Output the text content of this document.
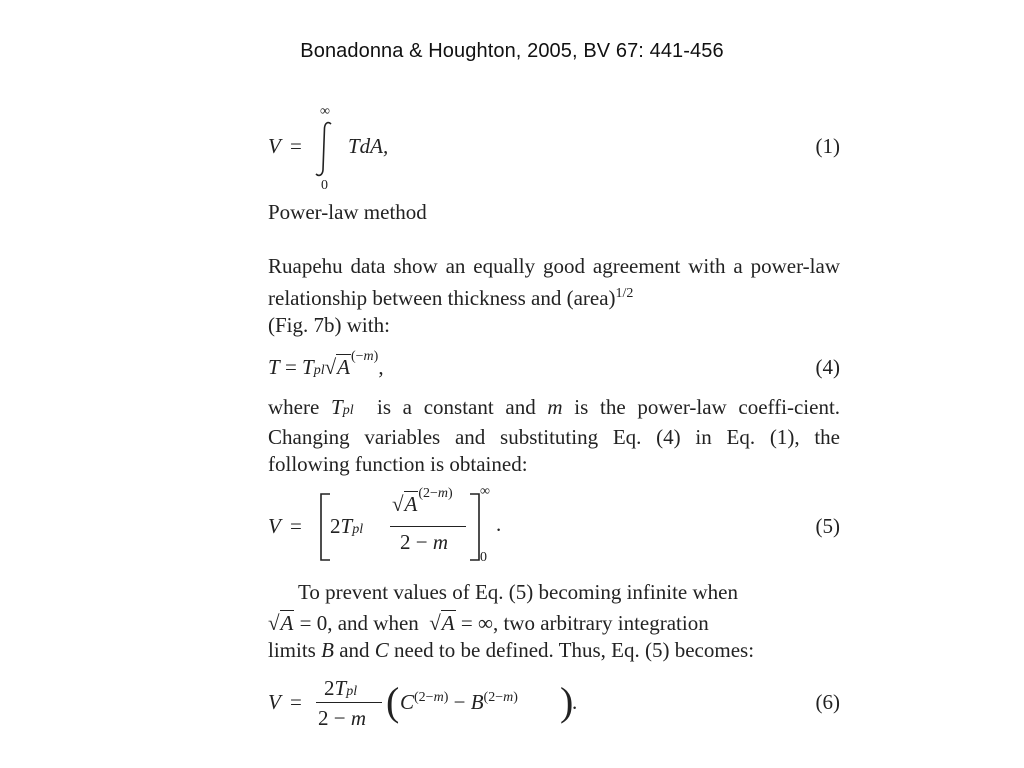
Bonadonna & Houghton, 2005, BV 67: 441-456
V =
∞
0
TdA,	(1)
Power-law method
Ruapehu data show an equally good agreement with a power-law relationship between thickness and (area)$^{1/2}$
(Fig. 7b) with:
$T = Tpl√A^{(-m)}$,	(4)
where Tpl is a constant and m is the power-law coeffi-cient. Changing variables and substituting Eq. (4) in Eq. (1), the following function is obtained:
V = 2Tpl
$√A^{(2-m)}$
2 − m
∞
0
.	(5)
To prevent values of Eq. (5) becoming infinite when
√A = 0, and when √A = ∞, two arbitrary integration
limits B and C need to be defined. Thus, Eq. (5) becomes:
V =
2Tpl
2 − m ( $C^{(2-m)} - B^{(2-m)}$ )
.	(6)
